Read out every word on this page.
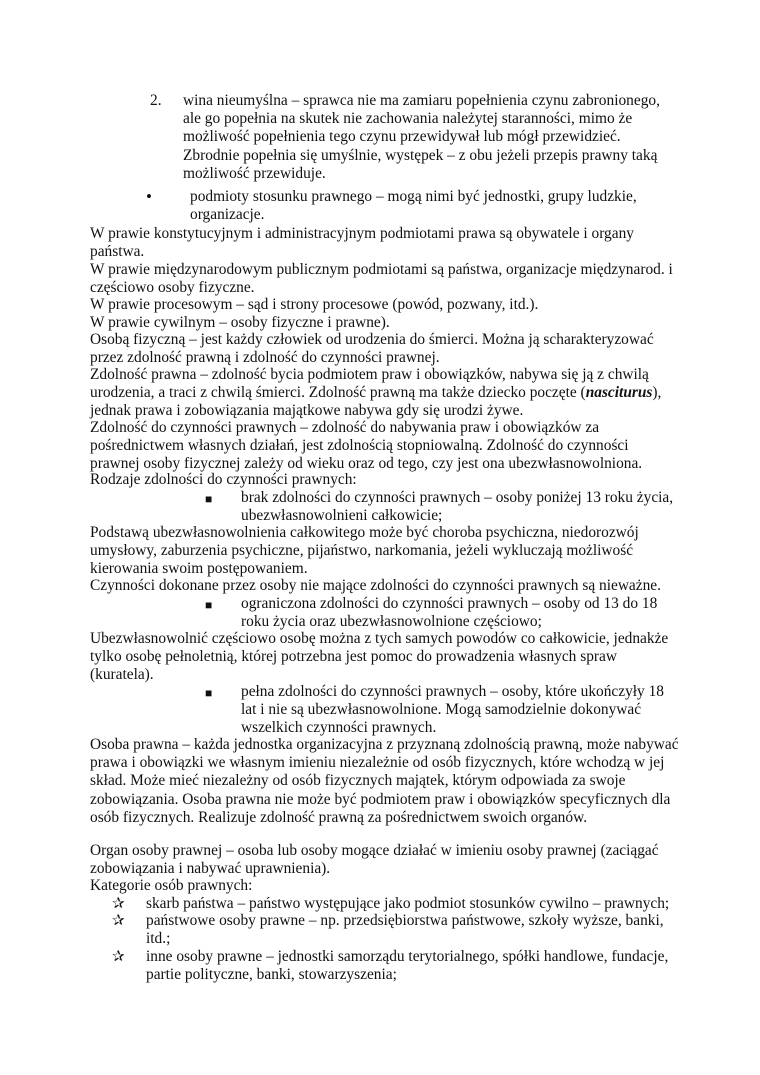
2. wina nieumyślna – sprawca nie ma zamiaru popełnienia czynu zabronionego, ale go popełnia na skutek nie zachowania należytej staranności, mimo że możliwość popełnienia tego czynu przewidywał lub mógł przewidzieć. Zbrodnie popełnia się umyślnie, występek – z obu jeżeli przepis prawny taką możliwość przewiduje.
• podmioty stosunku prawnego – mogą nimi być jednostki, grupy ludzkie, organizacje.

W prawie konstytucyjnym i administracyjnym podmiotami prawa są obywatele i organy państwa.

W prawie międzynarodowym publicznym podmiotami są państwa, organizacje międzynarod. i częściowo osoby fizyczne.

W prawie procesowym – sąd i strony procesowe (powód, pozwany, itd.).

W prawie cywilnym – osoby fizyczne i prawne).

Osobą fizyczną – jest każdy człowiek od urodzenia do śmierci. Można ją scharakteryzować przez zdolność prawną i zdolność do czynności prawnej.

Zdolność prawna – zdolność bycia podmiotem praw i obowiązków, nabywa się ją z chwilą urodzenia, a traci z chwilą śmierci. Zdolność prawną ma także dziecko poczęte (nasciturus), jednak prawa i zobowiązania majątkowe nabywa gdy się urodzi żywe.

Zdolność do czynności prawnych – zdolność do nabywania praw i obowiązków za pośrednictwem własnych działań, jest zdolnością stopniowalną. Zdolność do czynności prawnej osoby fizycznej zależy od wieku oraz od tego, czy jest ona ubezwłasnowolniona.

Rodzaje zdolności do czynności prawnych:

■ brak zdolności do czynności prawnych – osoby poniżej 13 roku życia, ubezwłasnowolnieni całkowicie;

Podstawą ubezwłasnowolnienia całkowitego może być choroba psychiczna, niedorozwój umysłowy, zaburzenia psychiczne, pijaństwo, narkomania, jeżeli wykluczają możliwość kierowania swoim postępowaniem.

Czynności dokonane przez osoby nie mające zdolności do czynności prawnych są nieważne.

■ ograniczona zdolności do czynności prawnych – osoby od 13 do 18 roku życia oraz ubezwłasnowolnione częściowo;

Ubezwłasnowolnić częściowo osobę można z tych samych powodów co całkowicie, jednakże tylko osobę pełnoletnią, której potrzebna jest pomoc do prowadzenia własnych spraw (kuratela).

■ pełna zdolności do czynności prawnych – osoby, które ukończyły 18 lat i nie są ubezwłasnowolnione. Mogą samodzielnie dokonywać wszelkich czynności prawnych.

Osoba prawna – każda jednostka organizacyjna z przyznaną zdolnością prawną, może nabywać prawa i obowiązki we własnym imieniu niezależnie od osób fizycznych, które wchodzą w jej skład. Może mieć niezależny od osób fizycznych majątek, którym odpowiada za swoje zobowiązania. Osoba prawna nie może być podmiotem praw i obowiązków specyficznych dla osób fizycznych. Realizuje zdolność prawną za pośrednictwem swoich organów.

Organ osoby prawnej – osoba lub osoby mogące działać w imieniu osoby prawnej (zaciągać zobowiązania i nabywać uprawnienia).

Kategorie osób prawnych:

✰ skarb państwa – państwo występujące jako podmiot stosunków cywilno – prawnych;
✰ państwowe osoby prawne – np. przedsiębiorstwa państwowe, szkoły wyższe, banki, itd.;
✰ inne osoby prawne – jednostki samorządu terytorialnego, spółki handlowe, fundacje, partie polityczne, banki, stowarzyszenia;
